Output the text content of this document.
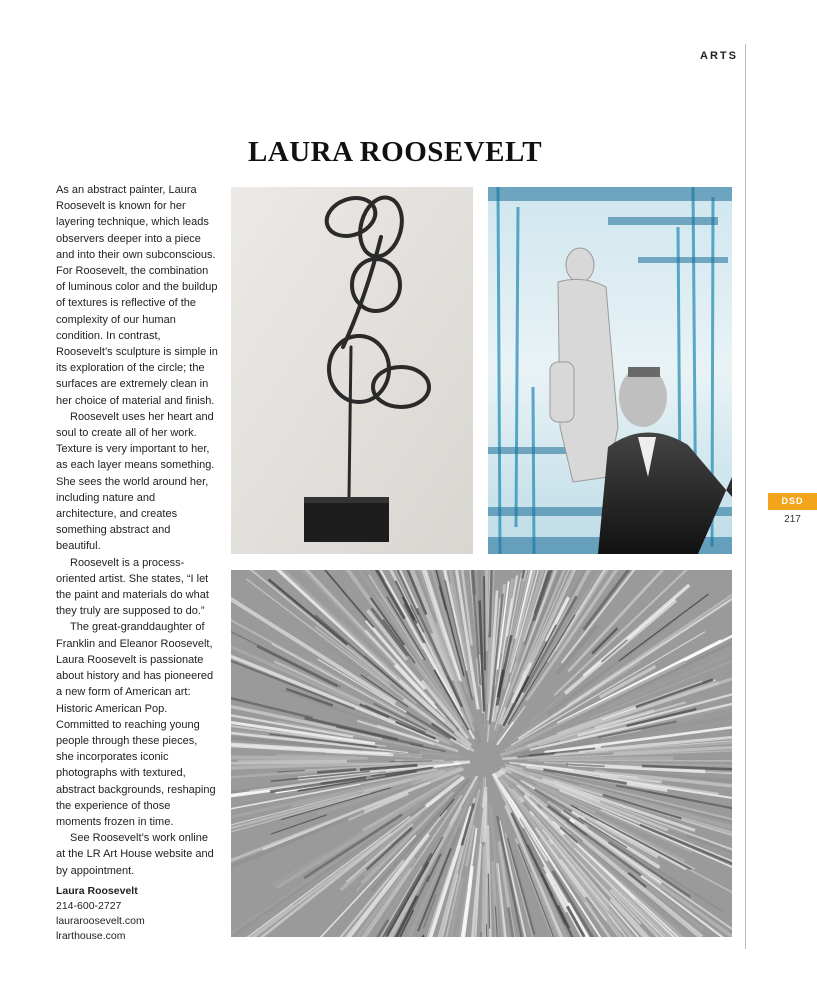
ARTS
DSD
217
LAURA ROOSEVELT

As an abstract painter, Laura Roosevelt is known for her layering technique, which leads observers deeper into a piece and into their own subconscious. For Roosevelt, the combination of luminous color and the buildup of textures is reflective of the complexity of our human condition. In contrast, Roosevelt’s sculpture is simple in its exploration of the circle; the surfaces are extremely clean in her choice of material and finish.

Roosevelt uses her heart and soul to create all of her work. Texture is very important to her, as each layer means something. She sees the world around her, including nature and architecture, and creates something abstract and beautiful.

Roosevelt is a process-oriented artist. She states, “I let the paint and materials do what they truly are supposed to do.”

The great-granddaughter of Franklin and Eleanor Roosevelt, Laura Roosevelt is passionate about history and has pioneered a new form of American art: Historic American Pop. Committed to reaching young people through these pieces, she incorporates iconic photographs with textured, abstract backgrounds, reshaping the experience of those moments frozen in time.

See Roosevelt’s work online at the LR Art House website and by appointment.

Laura Roosevelt
214-600-2727
lauraroosevelt.com
lrarthouse.com
